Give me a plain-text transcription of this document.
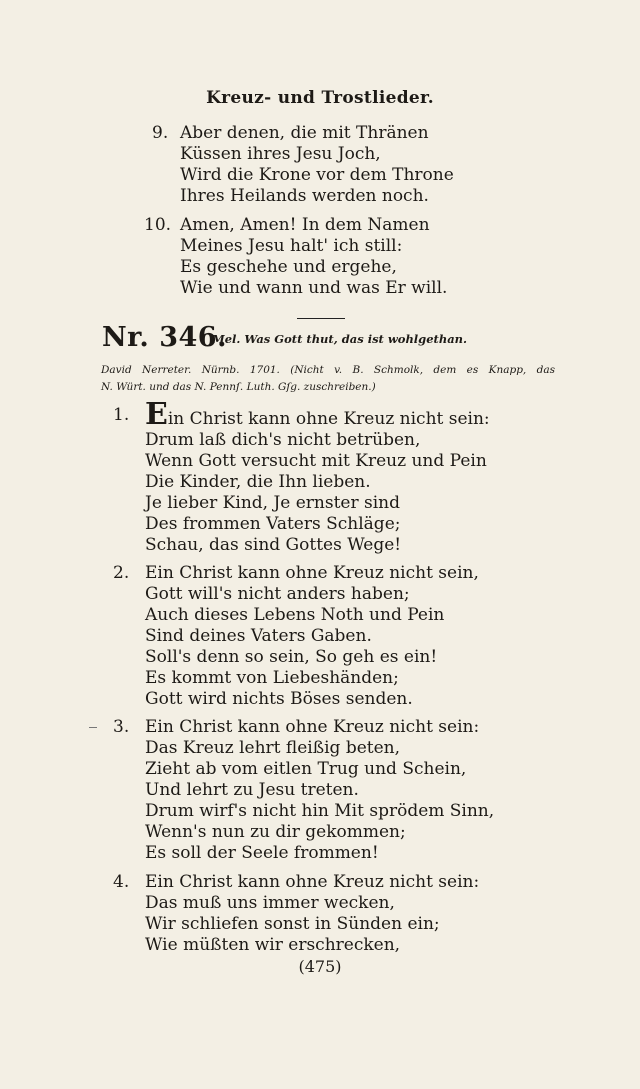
Kreuz- und Trostlieder.
9. Aber denen, die mit Thränen
Küssen ihres Jesu Joch,
Wird die Krone vor dem Throne
Ihres Heilands werden noch.
10. Amen, Amen! In dem Namen
Meines Jesu halt' ich still:
Es geschehe und ergehe,
Wie und wann und was Er will.
Nr. 346.
Mel. Was Gott thut, das ist wohlgethan.
David Nerreter. Nürnb. 1701. (Nicht v. B. Schmolk, dem es Knapp, das
N. Würt. und das N. Pennſ. Luth. Gſg. zuschreiben.)
1. Ein Christ kann ohne Kreuz nicht sein:
Drum laß dich's nicht betrüben,
Wenn Gott versucht mit Kreuz und Pein
Die Kinder, die Ihn lieben.
Je lieber Kind, Je ernster sind
Des frommen Vaters Schläge;
Schau, das sind Gottes Wege!
2. Ein Christ kann ohne Kreuz nicht sein,
Gott will's nicht anders haben;
Auch dieses Lebens Noth und Pein
Sind deines Vaters Gaben.
Soll's denn so sein, So geh es ein!
Es kommt von Liebeshänden;
Gott wird nichts Böses senden.
3. Ein Christ kann ohne Kreuz nicht sein:
Das Kreuz lehrt fleißig beten,
Zieht ab vom eitlen Trug und Schein,
Und lehrt zu Jesu treten.
Drum wirf's nicht hin Mit sprödem Sinn,
Wenn's nun zu dir gekommen;
Es soll der Seele frommen!
4. Ein Christ kann ohne Kreuz nicht sein:
Das muß uns immer wecken,
Wir schliefen sonst in Sünden ein;
Wie müßten wir erschrecken,
(475)
